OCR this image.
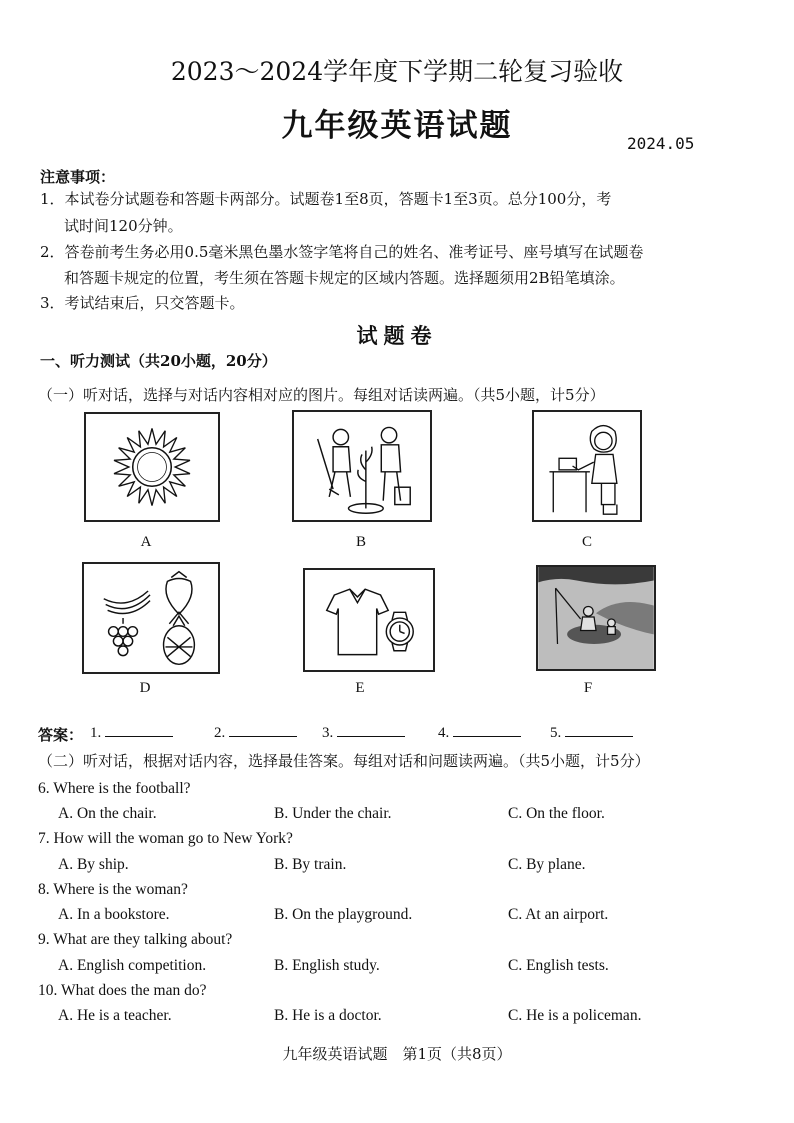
2023～2024学年度下学期二轮复习验收
九年级英语试题	2024.05
注意事项：
1．本试卷分试题卷和答题卡两部分。试题卷1至8页，答题卡1至3页。总分100分，考
试时间120分钟。
2．答卷前考生务必用0.5毫米黑色墨水签字笔将自己的姓名、准考证号、座号填写在试题卷
和答题卡规定的位置，考生须在答题卡规定的区域内答题。选择题须用2B铅笔填涂。
3．考试结束后，只交答题卡。
试题卷
一、听力测试（共20小题，20分）
（一）听对话，选择与对话内容相对应的图片。每组对话读两遍。（共5小题，计5分）
A	B	C
D	E	F
答案： 1.	2.	3.	4.	5.
（二）听对话，根据对话内容，选择最佳答案。每组对话和问题读两遍。（共5小题，计5分）
6. Where is the football?
A. On the chair.	B. Under the chair.	C. On the floor.
7. How will the woman go to New York?
A. By ship.	B. By train.	C. By plane.
8. Where is the woman?
A. In a bookstore.	B. On the playground.	C. At an airport.
9. What are they talking about?
A. English competition.	B. English study.	C. English tests.
10. What does the man do?
A. He is a teacher.	B. He is a doctor.	C. He is a policeman.
九年级英语试题　第1页（共8页）
